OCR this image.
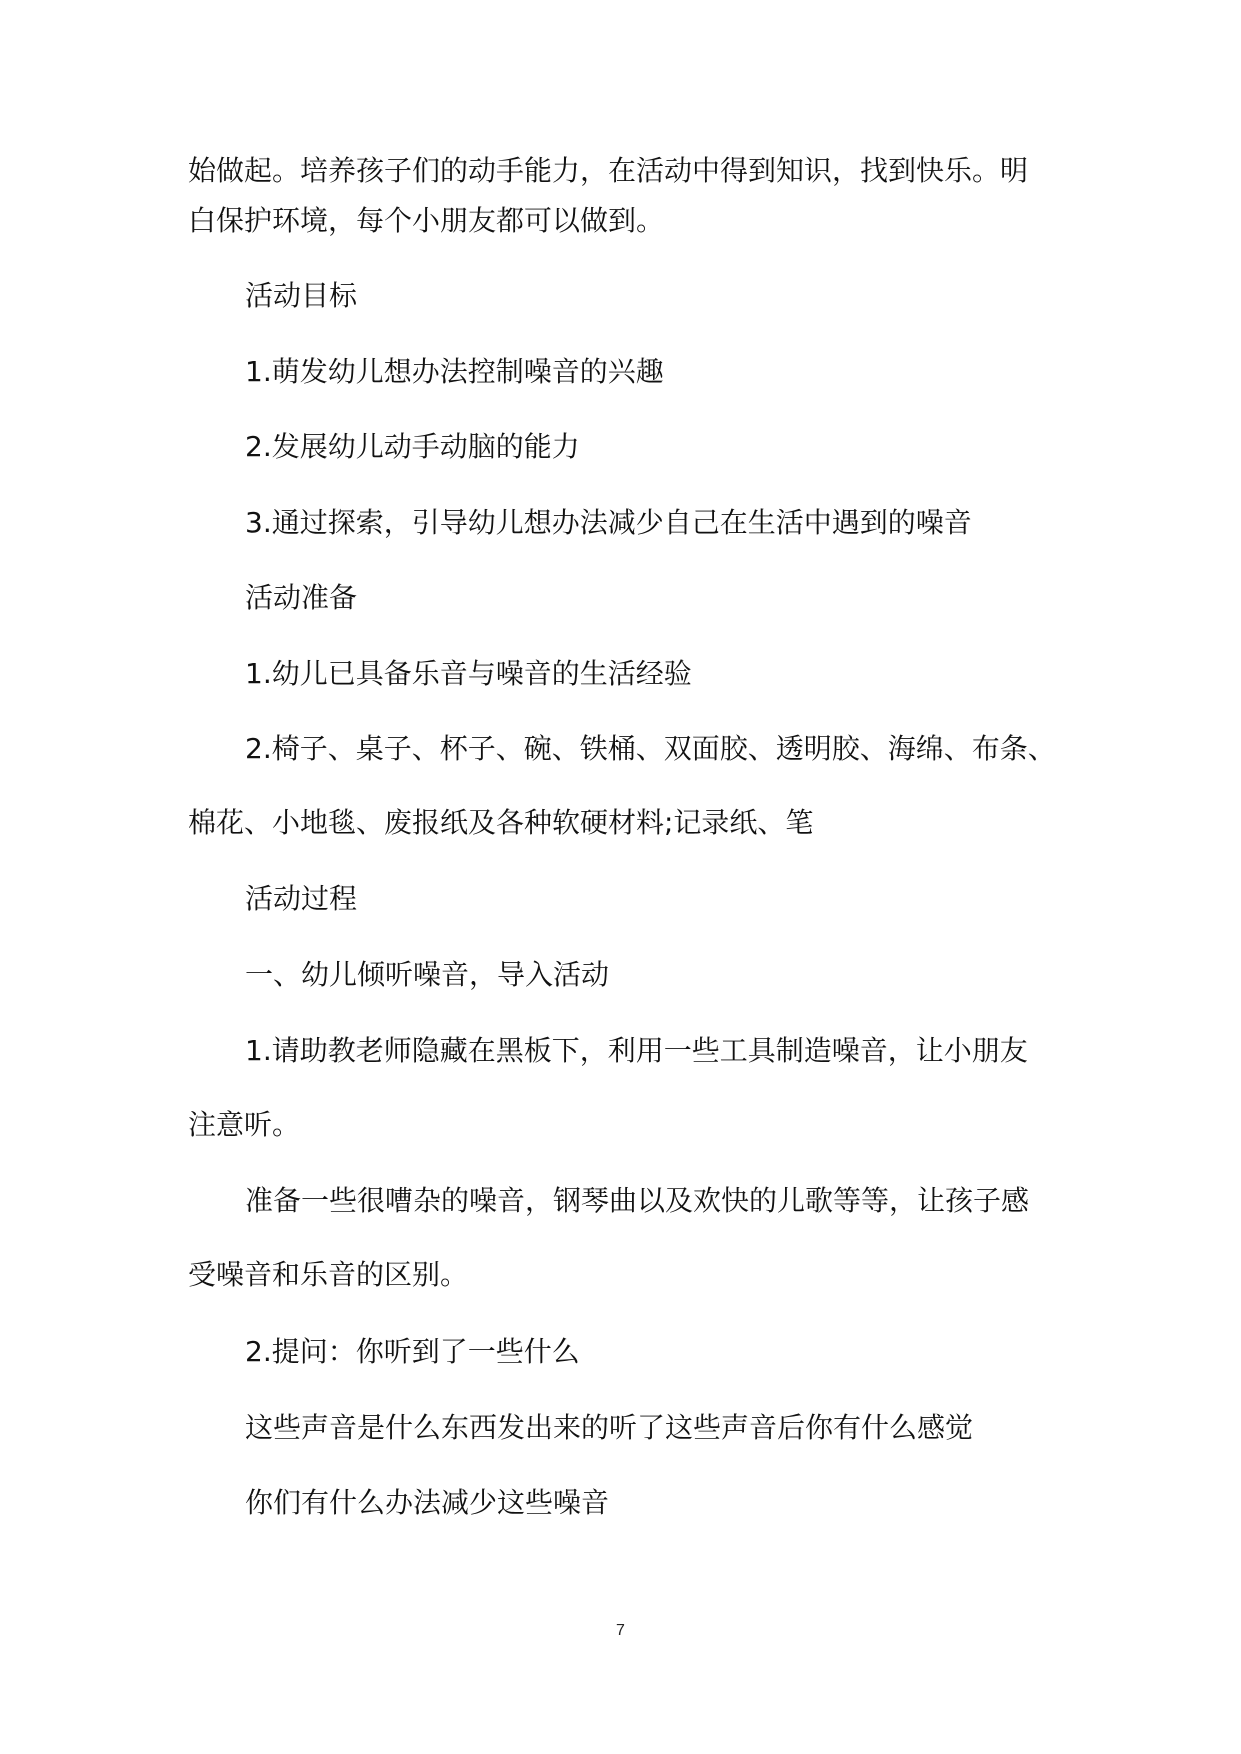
始做起。培养孩子们的动手能力，在活动中得到知识，找到快乐。明

白保护环境，每个小朋友都可以做到。

活动目标

1.萌发幼儿想办法控制噪音的兴趣

2.发展幼儿动手动脑的能力

3.通过探索，引导幼儿想办法减少自己在生活中遇到的噪音

活动准备

1.幼儿已具备乐音与噪音的生活经验

2.椅子、桌子、杯子、碗、铁桶、双面胶、透明胶、海绵、布条、

棉花、小地毯、废报纸及各种软硬材料;记录纸、笔

活动过程

一、幼儿倾听噪音，导入活动

1.请助教老师隐藏在黑板下，利用一些工具制造噪音，让小朋友

注意听。

准备一些很嘈杂的噪音，钢琴曲以及欢快的儿歌等等，让孩子感

受噪音和乐音的区别。

2.提问：你听到了一些什么

这些声音是什么东西发出来的听了这些声音后你有什么感觉

你们有什么办法减少这些噪音

7
